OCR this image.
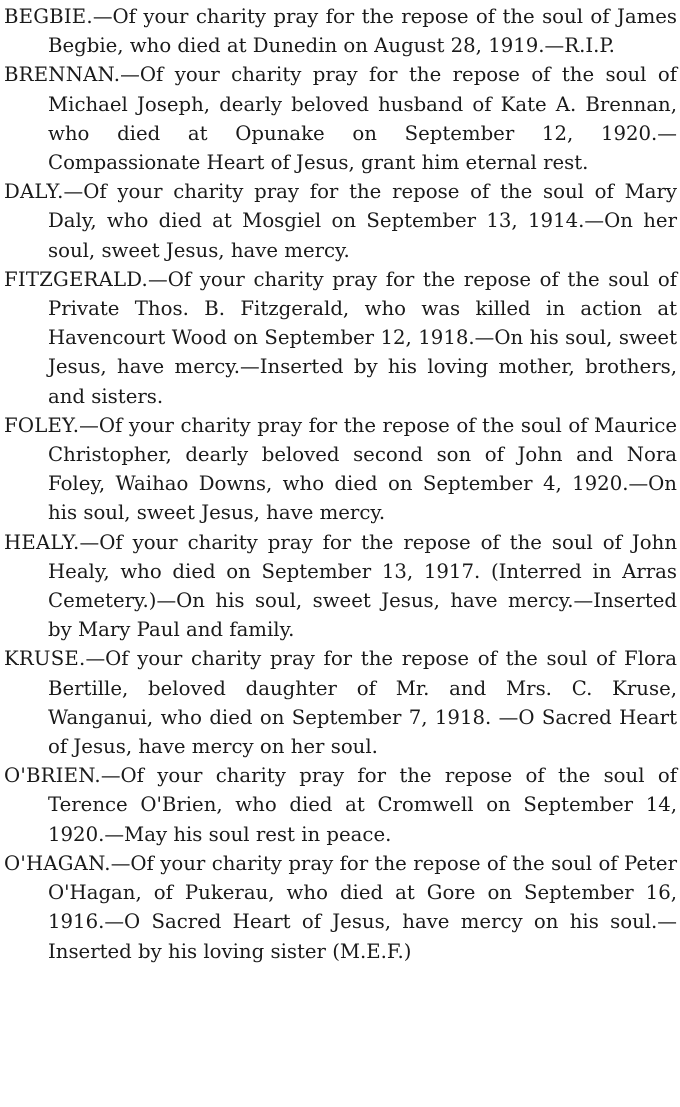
BEGBIE.—Of your charity pray for the repose of the soul of James Begbie, who died at Dunedin on August 28, 1919.—R.I.P.

BRENNAN.—Of your charity pray for the repose of the soul of Michael Joseph, dearly beloved husband of Kate A. Brennan, who died at Opunake on September 12, 1920.—Compassionate Heart of Jesus, grant him eternal rest.

DALY.—Of your charity pray for the repose of the soul of Mary Daly, who died at Mosgiel on September 13, 1914.—On her soul, sweet Jesus, have mercy.

FITZGERALD.—Of your charity pray for the repose of the soul of Private Thos. B. Fitzgerald, who was killed in action at Havencourt Wood on September 12, 1918.—On his soul, sweet Jesus, have mercy.—Inserted by his loving mother, brothers, and sisters.

FOLEY.—Of your charity pray for the repose of the soul of Maurice Christopher, dearly beloved second son of John and Nora Foley, Waihao Downs, who died on September 4, 1920.—On his soul, sweet Jesus, have mercy.

HEALY.—Of your charity pray for the repose of the soul of John Healy, who died on September 13, 1917. (Interred in Arras Cemetery.)—On his soul, sweet Jesus, have mercy.—Inserted by Mary Paul and family.

KRUSE.—Of your charity pray for the repose of the soul of Flora Bertille, beloved daughter of Mr. and Mrs. C. Kruse, Wanganui, who died on September 7, 1918. —O Sacred Heart of Jesus, have mercy on her soul.

O'BRIEN.—Of your charity pray for the repose of the soul of Terence O'Brien, who died at Cromwell on September 14, 1920.—May his soul rest in peace.

O'HAGAN.—Of your charity pray for the repose of the soul of Peter O'Hagan, of Pukerau, who died at Gore on September 16, 1916.—O Sacred Heart of Jesus, have mercy on his soul.—Inserted by his loving sister (M.E.F.)
